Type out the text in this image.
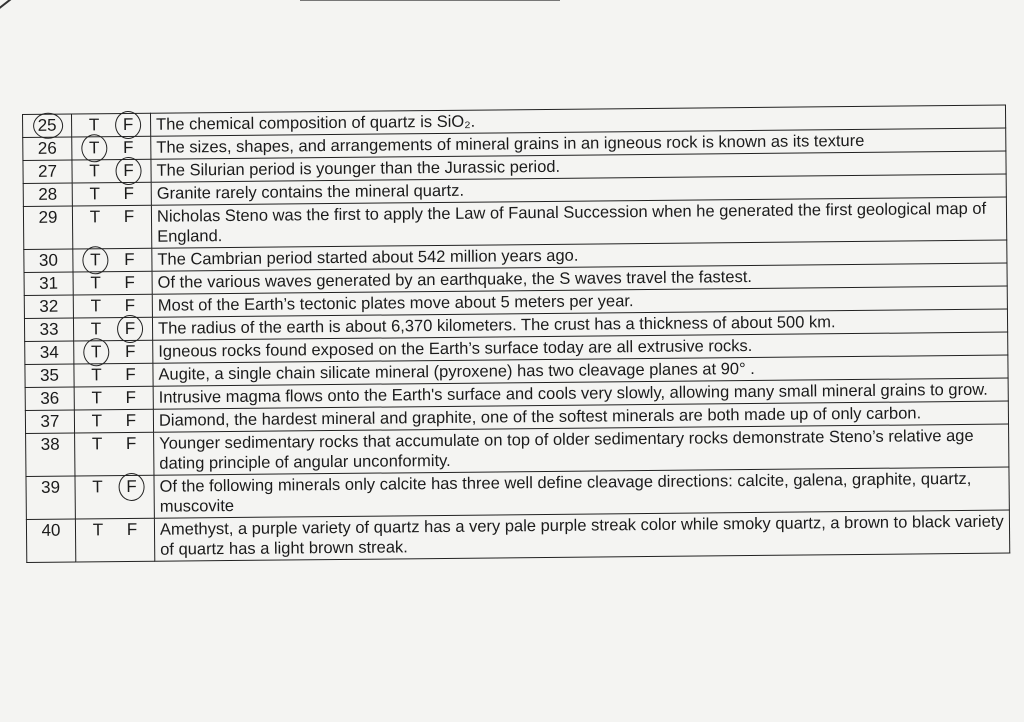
25	T F	The chemical composition of quartz is SiO₂.
26	T F	The sizes, shapes, and arrangements of mineral grains in an igneous rock is known as its texture
27	T F	The Silurian period is younger than the Jurassic period.
28	T F	Granite rarely contains the mineral quartz.
29	T F	Nicholas Steno was the first to apply the Law of Faunal Succession when he generated the first geological map of England.
30	T F	The Cambrian period started about 542 million years ago.
31	T F	Of the various waves generated by an earthquake, the S waves travel the fastest.
32	T F	Most of the Earth’s tectonic plates move about 5 meters per year.
33	T F	The radius of the earth is about 6,370 kilometers. The crust has a thickness of about 500 km.
34	T F	Igneous rocks found exposed on the Earth’s surface today are all extrusive rocks.
35	T F	Augite, a single chain silicate mineral (pyroxene) has two cleavage planes at 90° .
36	T F	Intrusive magma flows onto the Earth's surface and cools very slowly, allowing many small mineral grains to grow.
37	T F	Diamond, the hardest mineral and graphite, one of the softest minerals are both made up of only carbon.
38	T F	Younger sedimentary rocks that accumulate on top of older sedimentary rocks demonstrate Steno’s relative age dating principle of angular unconformity.
39	T F	Of the following minerals only calcite has three well define cleavage directions: calcite, galena, graphite, quartz, muscovite
40	T F	Amethyst, a purple variety of quartz has a very pale purple streak color while smoky quartz, a brown to black variety of quartz has a light brown streak.
